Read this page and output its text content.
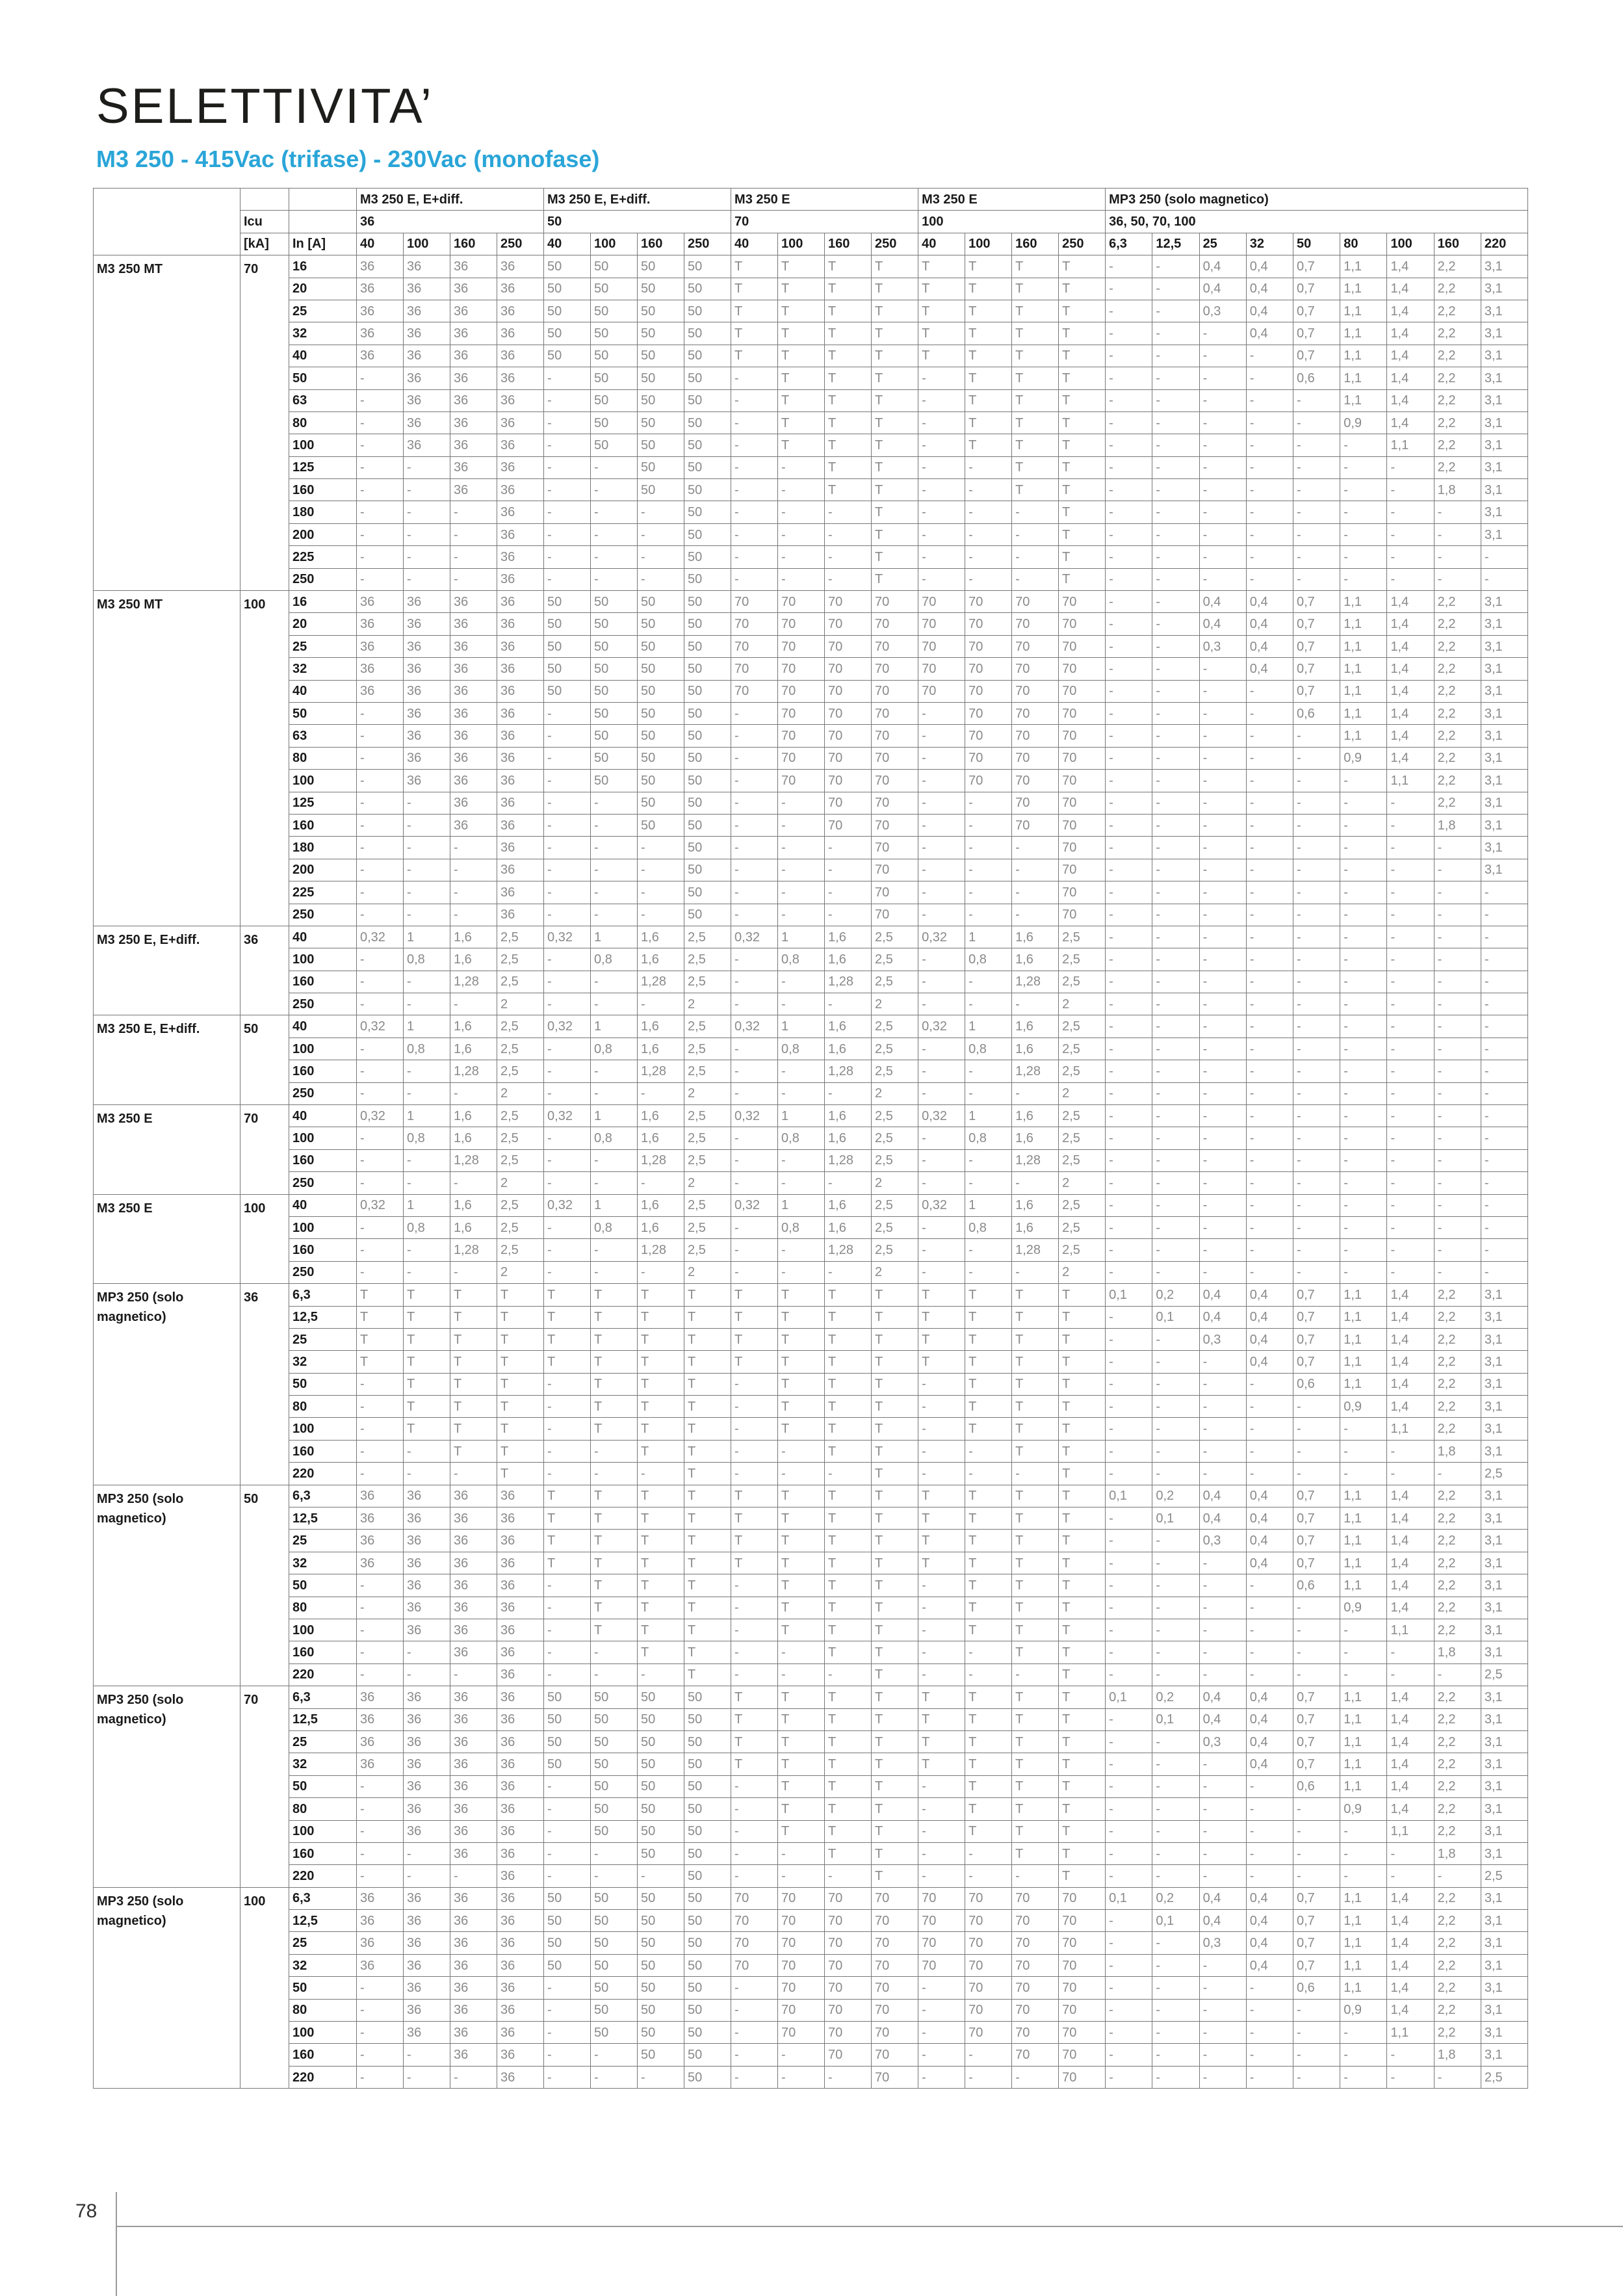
SELETTIVITA’
M3 250 - 415Vac (trifase) - 230Vac (monofase)
			M3 250 E, E+diff.				M3 250 E, E+diff.				M3 250 E				M3 250 E				MP3 250 (solo magnetico)								
	Icu		36				50				70				100				36, 50, 70, 100								
	[kA]	In [A]	40	100	160	250	40	100	160	250	40	100	160	250	40	100	160	250	6,3	12,5	25	32	50	80	100	160	220
M3 250 MT	70	16	36	36	36	36	50	50	50	50	T	T	T	T	T	T	T	T	-	-	0,4	0,4	0,7	1,1	1,4	2,2	3,1
		20	36	36	36	36	50	50	50	50	T	T	T	T	T	T	T	T	-	-	0,4	0,4	0,7	1,1	1,4	2,2	3,1
		25	36	36	36	36	50	50	50	50	T	T	T	T	T	T	T	T	-	-	0,3	0,4	0,7	1,1	1,4	2,2	3,1
		32	36	36	36	36	50	50	50	50	T	T	T	T	T	T	T	T	-	-	-	0,4	0,7	1,1	1,4	2,2	3,1
		40	36	36	36	36	50	50	50	50	T	T	T	T	T	T	T	T	-	-	-	-	0,7	1,1	1,4	2,2	3,1
		50	-	36	36	36	-	50	50	50	-	T	T	T	-	T	T	T	-	-	-	-	0,6	1,1	1,4	2,2	3,1
		63	-	36	36	36	-	50	50	50	-	T	T	T	-	T	T	T	-	-	-	-	-	1,1	1,4	2,2	3,1
		80	-	36	36	36	-	50	50	50	-	T	T	T	-	T	T	T	-	-	-	-	-	0,9	1,4	2,2	3,1
		100	-	36	36	36	-	50	50	50	-	T	T	T	-	T	T	T	-	-	-	-	-	-	1,1	2,2	3,1
		125	-	-	36	36	-	-	50	50	-	-	T	T	-	-	T	T	-	-	-	-	-	-	-	2,2	3,1
		160	-	-	36	36	-	-	50	50	-	-	T	T	-	-	T	T	-	-	-	-	-	-	-	1,8	3,1
		180	-	-	-	36	-	-	-	50	-	-	-	T	-	-	-	T	-	-	-	-	-	-	-	-	3,1
		200	-	-	-	36	-	-	-	50	-	-	-	T	-	-	-	T	-	-	-	-	-	-	-	-	3,1
		225	-	-	-	36	-	-	-	50	-	-	-	T	-	-	-	T	-	-	-	-	-	-	-	-	-
		250	-	-	-	36	-	-	-	50	-	-	-	T	-	-	-	T	-	-	-	-	-	-	-	-	-
M3 250 MT	100	16	36	36	36	36	50	50	50	50	70	70	70	70	70	70	70	70	-	-	0,4	0,4	0,7	1,1	1,4	2,2	3,1
		20	36	36	36	36	50	50	50	50	70	70	70	70	70	70	70	70	-	-	0,4	0,4	0,7	1,1	1,4	2,2	3,1
		25	36	36	36	36	50	50	50	50	70	70	70	70	70	70	70	70	-	-	0,3	0,4	0,7	1,1	1,4	2,2	3,1
		32	36	36	36	36	50	50	50	50	70	70	70	70	70	70	70	70	-	-	-	0,4	0,7	1,1	1,4	2,2	3,1
		40	36	36	36	36	50	50	50	50	70	70	70	70	70	70	70	70	-	-	-	-	0,7	1,1	1,4	2,2	3,1
		50	-	36	36	36	-	50	50	50	-	70	70	70	-	70	70	70	-	-	-	-	0,6	1,1	1,4	2,2	3,1
		63	-	36	36	36	-	50	50	50	-	70	70	70	-	70	70	70	-	-	-	-	-	1,1	1,4	2,2	3,1
		80	-	36	36	36	-	50	50	50	-	70	70	70	-	70	70	70	-	-	-	-	-	0,9	1,4	2,2	3,1
		100	-	36	36	36	-	50	50	50	-	70	70	70	-	70	70	70	-	-	-	-	-	-	1,1	2,2	3,1
		125	-	-	36	36	-	-	50	50	-	-	70	70	-	-	70	70	-	-	-	-	-	-	-	2,2	3,1
		160	-	-	36	36	-	-	50	50	-	-	70	70	-	-	70	70	-	-	-	-	-	-	-	1,8	3,1
		180	-	-	-	36	-	-	-	50	-	-	-	70	-	-	-	70	-	-	-	-	-	-	-	-	3,1
		200	-	-	-	36	-	-	-	50	-	-	-	70	-	-	-	70	-	-	-	-	-	-	-	-	3,1
		225	-	-	-	36	-	-	-	50	-	-	-	70	-	-	-	70	-	-	-	-	-	-	-	-	-
		250	-	-	-	36	-	-	-	50	-	-	-	70	-	-	-	70	-	-	-	-	-	-	-	-	-
M3 250 E, E+diff.	36	40	0,32	1	1,6	2,5	0,32	1	1,6	2,5	0,32	1	1,6	2,5	0,32	1	1,6	2,5	-	-	-	-	-	-	-	-	-
		100	-	0,8	1,6	2,5	-	0,8	1,6	2,5	-	0,8	1,6	2,5	-	0,8	1,6	2,5	-	-	-	-	-	-	-	-	-
		160	-	-	1,28	2,5	-	-	1,28	2,5	-	-	1,28	2,5	-	-	1,28	2,5	-	-	-	-	-	-	-	-	-
		250	-	-	-	2	-	-	-	2	-	-	-	2	-	-	-	2	-	-	-	-	-	-	-	-	-
M3 250 E, E+diff.	50	40	0,32	1	1,6	2,5	0,32	1	1,6	2,5	0,32	1	1,6	2,5	0,32	1	1,6	2,5	-	-	-	-	-	-	-	-	-
		100	-	0,8	1,6	2,5	-	0,8	1,6	2,5	-	0,8	1,6	2,5	-	0,8	1,6	2,5	-	-	-	-	-	-	-	-	-
		160	-	-	1,28	2,5	-	-	1,28	2,5	-	-	1,28	2,5	-	-	1,28	2,5	-	-	-	-	-	-	-	-	-
		250	-	-	-	2	-	-	-	2	-	-	-	2	-	-	-	2	-	-	-	-	-	-	-	-	-
M3 250 E	70	40	0,32	1	1,6	2,5	0,32	1	1,6	2,5	0,32	1	1,6	2,5	0,32	1	1,6	2,5	-	-	-	-	-	-	-	-	-
		100	-	0,8	1,6	2,5	-	0,8	1,6	2,5	-	0,8	1,6	2,5	-	0,8	1,6	2,5	-	-	-	-	-	-	-	-	-
		160	-	-	1,28	2,5	-	-	1,28	2,5	-	-	1,28	2,5	-	-	1,28	2,5	-	-	-	-	-	-	-	-	-
		250	-	-	-	2	-	-	-	2	-	-	-	2	-	-	-	2	-	-	-	-	-	-	-	-	-
M3 250 E	100	40	0,32	1	1,6	2,5	0,32	1	1,6	2,5	0,32	1	1,6	2,5	0,32	1	1,6	2,5	-	-	-	-	-	-	-	-	-
		100	-	0,8	1,6	2,5	-	0,8	1,6	2,5	-	0,8	1,6	2,5	-	0,8	1,6	2,5	-	-	-	-	-	-	-	-	-
		160	-	-	1,28	2,5	-	-	1,28	2,5	-	-	1,28	2,5	-	-	1,28	2,5	-	-	-	-	-	-	-	-	-
		250	-	-	-	2	-	-	-	2	-	-	-	2	-	-	-	2	-	-	-	-	-	-	-	-	-
MP3 250 (solo magnetico)	36	6,3	T	T	T	T	T	T	T	T	T	T	T	T	T	T	T	T	0,1	0,2	0,4	0,4	0,7	1,1	1,4	2,2	3,1
		12,5	T	T	T	T	T	T	T	T	T	T	T	T	T	T	T	T	-	0,1	0,4	0,4	0,7	1,1	1,4	2,2	3,1
		25	T	T	T	T	T	T	T	T	T	T	T	T	T	T	T	T	-	-	0,3	0,4	0,7	1,1	1,4	2,2	3,1
		32	T	T	T	T	T	T	T	T	T	T	T	T	T	T	T	T	-	-	-	0,4	0,7	1,1	1,4	2,2	3,1
		50	-	T	T	T	-	T	T	T	-	T	T	T	-	T	T	T	-	-	-	-	0,6	1,1	1,4	2,2	3,1
		80	-	T	T	T	-	T	T	T	-	T	T	T	-	T	T	T	-	-	-	-	-	0,9	1,4	2,2	3,1
		100	-	T	T	T	-	T	T	T	-	T	T	T	-	T	T	T	-	-	-	-	-	-	1,1	2,2	3,1
		160	-	-	T	T	-	-	T	T	-	-	T	T	-	-	T	T	-	-	-	-	-	-	-	1,8	3,1
		220	-	-	-	T	-	-	-	T	-	-	-	T	-	-	-	T	-	-	-	-	-	-	-	-	2,5
MP3 250 (solo magnetico)	50	6,3	36	36	36	36	T	T	T	T	T	T	T	T	T	T	T	T	0,1	0,2	0,4	0,4	0,7	1,1	1,4	2,2	3,1
		12,5	36	36	36	36	T	T	T	T	T	T	T	T	T	T	T	T	-	0,1	0,4	0,4	0,7	1,1	1,4	2,2	3,1
		25	36	36	36	36	T	T	T	T	T	T	T	T	T	T	T	T	-	-	0,3	0,4	0,7	1,1	1,4	2,2	3,1
		32	36	36	36	36	T	T	T	T	T	T	T	T	T	T	T	T	-	-	-	0,4	0,7	1,1	1,4	2,2	3,1
		50	-	36	36	36	-	T	T	T	-	T	T	T	-	T	T	T	-	-	-	-	0,6	1,1	1,4	2,2	3,1
		80	-	36	36	36	-	T	T	T	-	T	T	T	-	T	T	T	-	-	-	-	-	0,9	1,4	2,2	3,1
		100	-	36	36	36	-	T	T	T	-	T	T	T	-	T	T	T	-	-	-	-	-	-	1,1	2,2	3,1
		160	-	-	36	36	-	-	T	T	-	-	T	T	-	-	T	T	-	-	-	-	-	-	-	1,8	3,1
		220	-	-	-	36	-	-	-	T	-	-	-	T	-	-	-	T	-	-	-	-	-	-	-	-	2,5
MP3 250 (solo magnetico)	70	6,3	36	36	36	36	50	50	50	50	T	T	T	T	T	T	T	T	0,1	0,2	0,4	0,4	0,7	1,1	1,4	2,2	3,1
		12,5	36	36	36	36	50	50	50	50	T	T	T	T	T	T	T	T	-	0,1	0,4	0,4	0,7	1,1	1,4	2,2	3,1
		25	36	36	36	36	50	50	50	50	T	T	T	T	T	T	T	T	-	-	0,3	0,4	0,7	1,1	1,4	2,2	3,1
		32	36	36	36	36	50	50	50	50	T	T	T	T	T	T	T	T	-	-	-	0,4	0,7	1,1	1,4	2,2	3,1
		50	-	36	36	36	-	50	50	50	-	T	T	T	-	T	T	T	-	-	-	-	0,6	1,1	1,4	2,2	3,1
		80	-	36	36	36	-	50	50	50	-	T	T	T	-	T	T	T	-	-	-	-	-	0,9	1,4	2,2	3,1
		100	-	36	36	36	-	50	50	50	-	T	T	T	-	T	T	T	-	-	-	-	-	-	1,1	2,2	3,1
		160	-	-	36	36	-	-	50	50	-	-	T	T	-	-	T	T	-	-	-	-	-	-	-	1,8	3,1
		220	-	-	-	36	-	-	-	50	-	-	-	T	-	-	-	T	-	-	-	-	-	-	-	-	2,5
MP3 250 (solo magnetico)	100	6,3	36	36	36	36	50	50	50	50	70	70	70	70	70	70	70	70	0,1	0,2	0,4	0,4	0,7	1,1	1,4	2,2	3,1
		12,5	36	36	36	36	50	50	50	50	70	70	70	70	70	70	70	70	-	0,1	0,4	0,4	0,7	1,1	1,4	2,2	3,1
		25	36	36	36	36	50	50	50	50	70	70	70	70	70	70	70	70	-	-	0,3	0,4	0,7	1,1	1,4	2,2	3,1
		32	36	36	36	36	50	50	50	50	70	70	70	70	70	70	70	70	-	-	-	0,4	0,7	1,1	1,4	2,2	3,1
		50	-	36	36	36	-	50	50	50	-	70	70	70	-	70	70	70	-	-	-	-	0,6	1,1	1,4	2,2	3,1
		80	-	36	36	36	-	50	50	50	-	70	70	70	-	70	70	70	-	-	-	-	-	0,9	1,4	2,2	3,1
		100	-	36	36	36	-	50	50	50	-	70	70	70	-	70	70	70	-	-	-	-	-	-	1,1	2,2	3,1
		160	-	-	36	36	-	-	50	50	-	-	70	70	-	-	70	70	-	-	-	-	-	-	-	1,8	3,1
		220	-	-	-	36	-	-	-	50	-	-	-	70	-	-	-	70	-	-	-	-	-	-	-	-	2,5
78
